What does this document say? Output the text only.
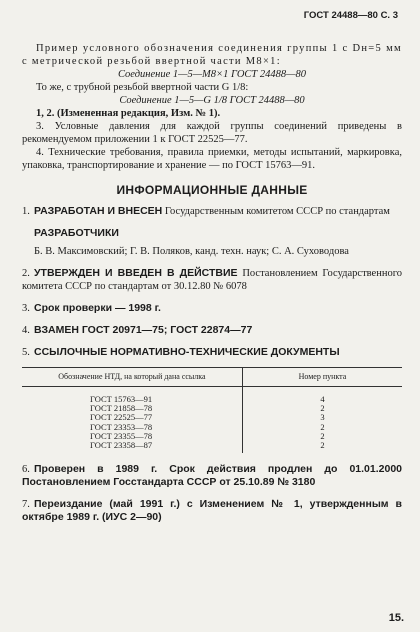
ГОСТ 24488—80 С. 3

Пример условного обозначения соединения группы 1 с Dн=5 мм с метрической резьбой ввертной части М8×1:

Соединение 1—5—М8×1 ГОСТ 24488—80

То же, с трубной резьбой ввертной части G 1/8:

Соединение 1—5—G 1/8 ГОСТ 24488—80

1, 2. (Измененная редакция, Изм. № 1).

3. Условные давления для каждой группы соединений приведены в рекомендуемом приложении 1 к ГОСТ 22525—77.

4. Технические требования, правила приемки, методы испытаний, маркировка, упаковка, транспортирование и хранение — по ГОСТ 15763—91.

ИНФОРМАЦИОННЫЕ ДАННЫЕ

1. РАЗРАБОТАН И ВНЕСЕН Государственным комитетом СССР по стандартам

РАЗРАБОТЧИКИ

Б. В. Максимовский; Г. В. Поляков, канд. техн. наук; С. А. Суховодова

2. УТВЕРЖДЕН И ВВЕДЕН В ДЕЙСТВИЕ Постановлением Государственного комитета СССР по стандартам от 30.12.80 № 6078

3. Срок проверки — 1998 г.

4. ВЗАМЕН ГОСТ 20971—75; ГОСТ 22874—77

5. ССЫЛОЧНЫЕ НОРМАТИВНО-ТЕХНИЧЕСКИЕ ДОКУМЕНТЫ

Обозначение НТД, на который дана ссылка	Номер пункта
ГОСТ 15763—91	4
ГОСТ 21858—78	2
ГОСТ 22525—77	3
ГОСТ 23353—78	2
ГОСТ 23355—78	2
ГОСТ 23358—87	2

6. Проверен в 1989 г. Срок действия продлен до 01.01.2000 Постановлением Госстандарта СССР от 25.10.89 № 3180

7. Переиздание (май 1991 г.) с Изменением № 1, утвержденным в октябре 1989 г. (ИУС 2—90)

15.
